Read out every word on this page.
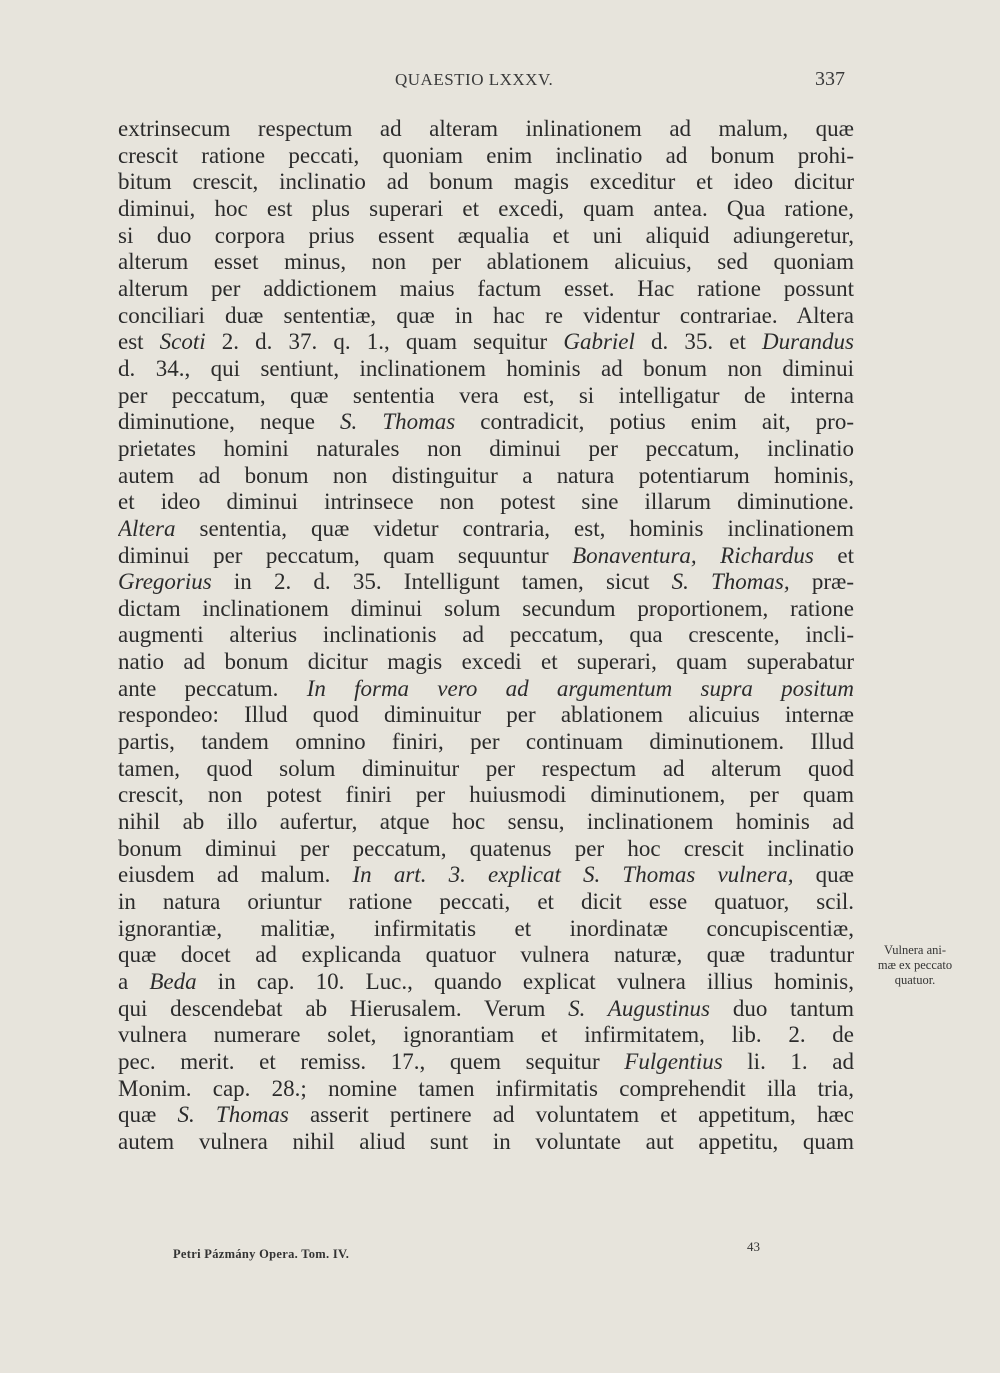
QUAESTIO LXXXV.	337
extrinsecum respectum ad alteram inlinationem ad malum, quæ
crescit ratione peccati, quoniam enim inclinatio ad bonum prohi-
bitum crescit, inclinatio ad bonum magis exceditur et ideo dicitur
diminui, hoc est plus superari et excedi, quam antea. Qua ratione,
si duo corpora prius essent æqualia et uni aliquid adiungeretur,
alterum esset minus, non per ablationem alicuius, sed quoniam
alterum per addictionem maius factum esset. Hac ratione possunt
conciliari duæ sententiæ, quæ in hac re videntur contrariae. Altera
est Scoti 2. d. 37. q. 1., quam sequitur Gabriel d. 35. et Durandus
d. 34., qui sentiunt, inclinationem hominis ad bonum non diminui
per peccatum, quæ sententia vera est, si intelligatur de interna
diminutione, neque S. Thomas contradicit, potius enim ait, pro-
prietates homini naturales non diminui per peccatum, inclinatio
autem ad bonum non distinguitur a natura potentiarum hominis,
et ideo diminui intrinsece non potest sine illarum diminutione.
Altera sententia, quæ videtur contraria, est, hominis inclinationem
diminui per peccatum, quam sequuntur Bonaventura, Richardus et
Gregorius in 2. d. 35. Intelligunt tamen, sicut S. Thomas, præ-
dictam inclinationem diminui solum secundum proportionem, ratione
augmenti alterius inclinationis ad peccatum, qua crescente, incli-
natio ad bonum dicitur magis excedi et superari, quam superabatur
ante peccatum. In forma vero ad argumentum supra positum
respondeo: Illud quod diminuitur per ablationem alicuius internæ
partis, tandem omnino finiri, per continuam diminutionem. Illud
tamen, quod solum diminuitur per respectum ad alterum quod
crescit, non potest finiri per huiusmodi diminutionem, per quam
nihil ab illo aufertur, atque hoc sensu, inclinationem hominis ad
bonum diminui per peccatum, quatenus per hoc crescit inclinatio
eiusdem ad malum. In art. 3. explicat S. Thomas vulnera, quæ
in natura oriuntur ratione peccati, et dicit esse quatuor, scil.
ignorantiæ, malitiæ, infirmitatis et inordinatæ concupiscentiæ,
quæ docet ad explicanda quatuor vulnera naturæ, quæ traduntur
a Beda in cap. 10. Luc., quando explicat vulnera illius hominis,
qui descendebat ab Hierusalem. Verum S. Augustinus duo tantum
vulnera numerare solet, ignorantiam et infirmitatem, lib. 2. de
pec. merit. et remiss. 17., quem sequitur Fulgentius li. 1. ad
Monim. cap. 28.; nomine tamen infirmitatis comprehendit illa tria,
quæ S. Thomas asserit pertinere ad voluntatem et appetitum, hæc
autem vulnera nihil aliud sunt in voluntate aut appetitu, quam
Vulnera ani-
mæ ex peccato
quatuor.
Petri Pázmány Opera. Tom. IV.	43
